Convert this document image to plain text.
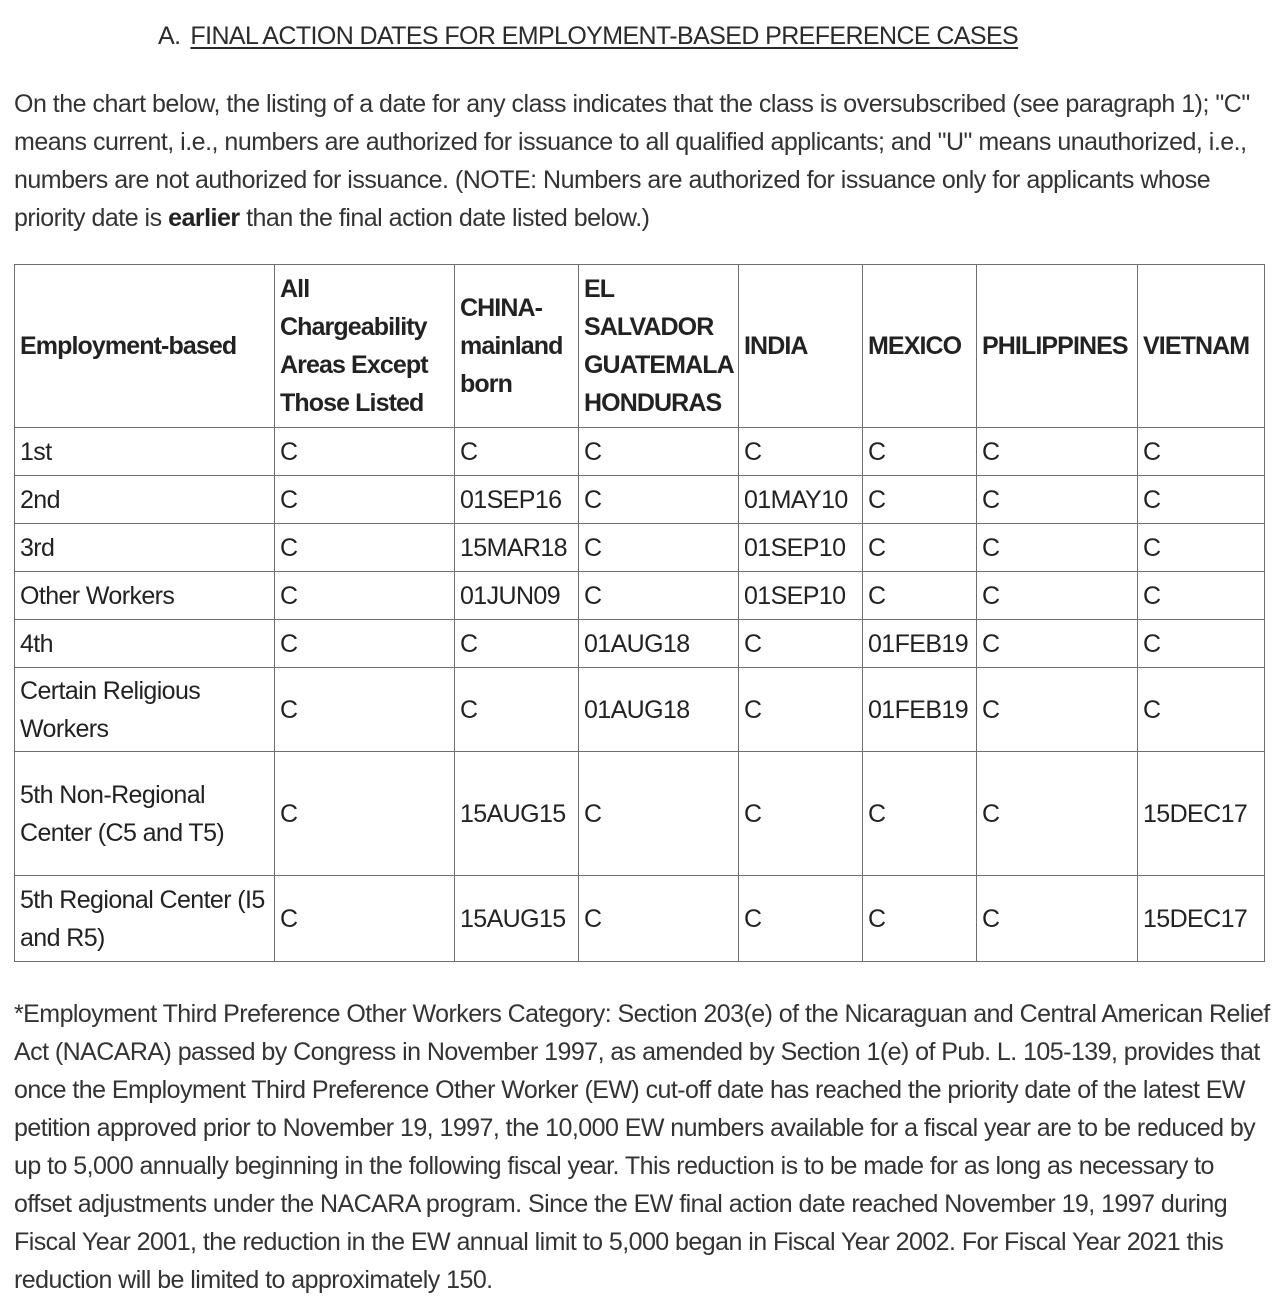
A. FINAL ACTION DATES FOR EMPLOYMENT-BASED PREFERENCE CASES

On the chart below, the listing of a date for any class indicates that the class is oversubscribed (see paragraph 1); "C" means current, i.e., numbers are authorized for issuance to all qualified applicants; and "U" means unauthorized, i.e., numbers are not authorized for issuance. (NOTE: Numbers are authorized for issuance only for applicants whose priority date is earlier than the final action date listed below.)

Employment-based	All Chargeability Areas Except Those Listed	CHINA-mainland born	EL SALVADOR GUATEMALA HONDURAS	INDIA	MEXICO	PHILIPPINES	VIETNAM
1st	C	C	C	C	C	C	C
2nd	C	01SEP16	C	01MAY10	C	C	C
3rd	C	15MAR18	C	01SEP10	C	C	C
Other Workers	C	01JUN09	C	01SEP10	C	C	C
4th	C	C	01AUG18	C	01FEB19	C	C
Certain Religious Workers	C	C	01AUG18	C	01FEB19	C	C
5th Non-Regional Center (C5 and T5)	C	15AUG15	C	C	C	C	15DEC17
5th Regional Center (I5 and R5)	C	15AUG15	C	C	C	C	15DEC17

*Employment Third Preference Other Workers Category: Section 203(e) of the Nicaraguan and Central American Relief Act (NACARA) passed by Congress in November 1997, as amended by Section 1(e) of Pub. L. 105-139, provides that once the Employment Third Preference Other Worker (EW) cut-off date has reached the priority date of the latest EW petition approved prior to November 19, 1997, the 10,000 EW numbers available for a fiscal year are to be reduced by up to 5,000 annually beginning in the following fiscal year. This reduction is to be made for as long as necessary to offset adjustments under the NACARA program. Since the EW final action date reached November 19, 1997 during Fiscal Year 2001, the reduction in the EW annual limit to 5,000 began in Fiscal Year 2002. For Fiscal Year 2021 this reduction will be limited to approximately 150.
